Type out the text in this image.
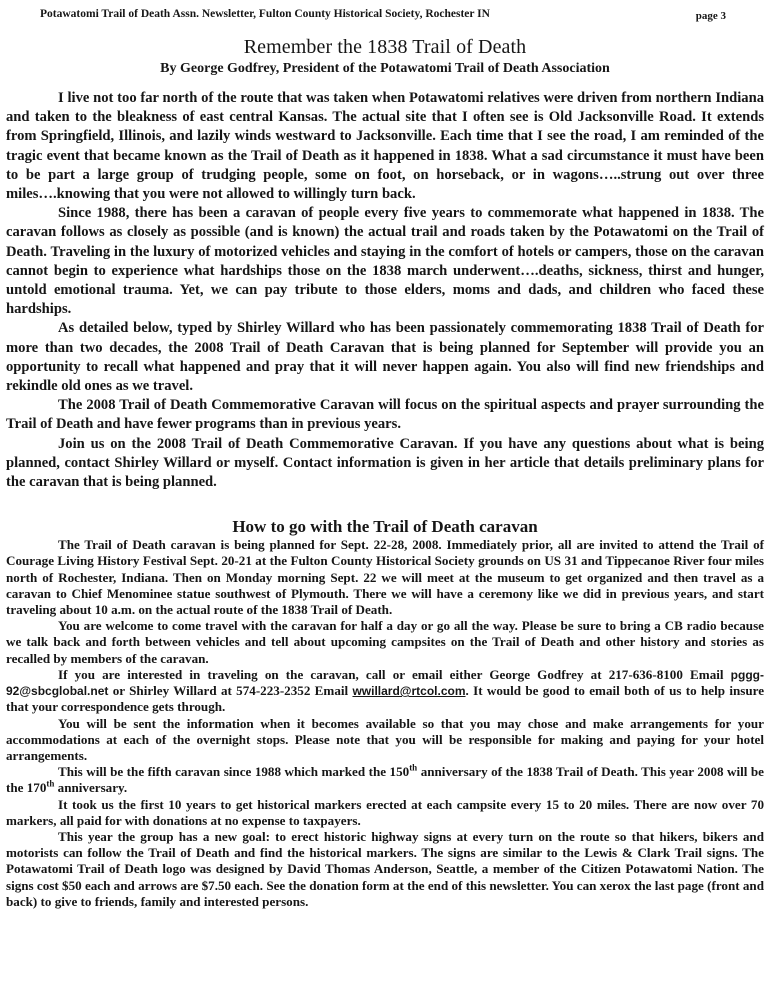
Potawatomi Trail of Death Assn. Newsletter, Fulton County Historical Society, Rochester IN	page 3
Remember the 1838 Trail of Death
By George Godfrey, President of the Potawatomi Trail of Death Association

I live not too far north of the route that was taken when Potawatomi relatives were driven from northern Indiana and taken to the bleakness of east central Kansas. The actual site that I often see is Old Jacksonville Road. It extends from Springfield, Illinois, and lazily winds westward to Jacksonville. Each time that I see the road, I am reminded of the tragic event that became known as the Trail of Death as it happened in 1838. What a sad circumstance it must have been to be part a large group of trudging people, some on foot, on horseback, or in wagons…..strung out over three miles….knowing that you were not allowed to willingly turn back.

Since 1988, there has been a caravan of people every five years to commemorate what happened in 1838. The caravan follows as closely as possible (and is known) the actual trail and roads taken by the Potawatomi on the Trail of Death. Traveling in the luxury of motorized vehicles and staying in the comfort of hotels or campers, those on the caravan cannot begin to experience what hardships those on the 1838 march underwent….deaths, sickness, thirst and hunger, untold emotional trauma. Yet, we can pay tribute to those elders, moms and dads, and children who faced these hardships.

As detailed below, typed by Shirley Willard who has been passionately commemorating 1838 Trail of Death for more than two decades, the 2008 Trail of Death Caravan that is being planned for September will provide you an opportunity to recall what happened and pray that it will never happen again. You also will find new friendships and rekindle old ones as we travel.

The 2008 Trail of Death Commemorative Caravan will focus on the spiritual aspects and prayer surrounding the Trail of Death and have fewer programs than in previous years.

Join us on the 2008 Trail of Death Commemorative Caravan. If you have any questions about what is being planned, contact Shirley Willard or myself. Contact information is given in her article that details preliminary plans for the caravan that is being planned.

How to go with the Trail of Death caravan

The Trail of Death caravan is being planned for Sept. 22-28, 2008. Immediately prior, all are invited to attend the Trail of Courage Living History Festival Sept. 20-21 at the Fulton County Historical Society grounds on US 31 and Tippecanoe River four miles north of Rochester, Indiana. Then on Monday morning Sept. 22 we will meet at the museum to get organized and then travel as a caravan to Chief Menominee statue southwest of Plymouth. There we will have a ceremony like we did in previous years, and start traveling about 10 a.m. on the actual route of the 1838 Trail of Death.

You are welcome to come travel with the caravan for half a day or go all the way. Please be sure to bring a CB radio because we talk back and forth between vehicles and tell about upcoming campsites on the Trail of Death and other history and stories as recalled by members of the caravan.

If you are interested in traveling on the caravan, call or email either George Godfrey at 217-636-8100 Email pggg-92@sbcglobal.net or Shirley Willard at 574-223-2352 Email wwillard@rtcol.com. It would be good to email both of us to help insure that your correspondence gets through.

You will be sent the information when it becomes available so that you may chose and make arrangements for your accommodations at each of the overnight stops. Please note that you will be responsible for making and paying for your hotel arrangements.

This will be the fifth caravan since 1988 which marked the 150th anniversary of the 1838 Trail of Death. This year 2008 will be the 170th anniversary.

It took us the first 10 years to get historical markers erected at each campsite every 15 to 20 miles. There are now over 70 markers, all paid for with donations at no expense to taxpayers.

This year the group has a new goal: to erect historic highway signs at every turn on the route so that hikers, bikers and motorists can follow the Trail of Death and find the historical markers. The signs are similar to the Lewis & Clark Trail signs. The Potawatomi Trail of Death logo was designed by David Thomas Anderson, Seattle, a member of the Citizen Potawatomi Nation. The signs cost $50 each and arrows are $7.50 each. See the donation form at the end of this newsletter. You can xerox the last page (front and back) to give to friends, family and interested persons.
